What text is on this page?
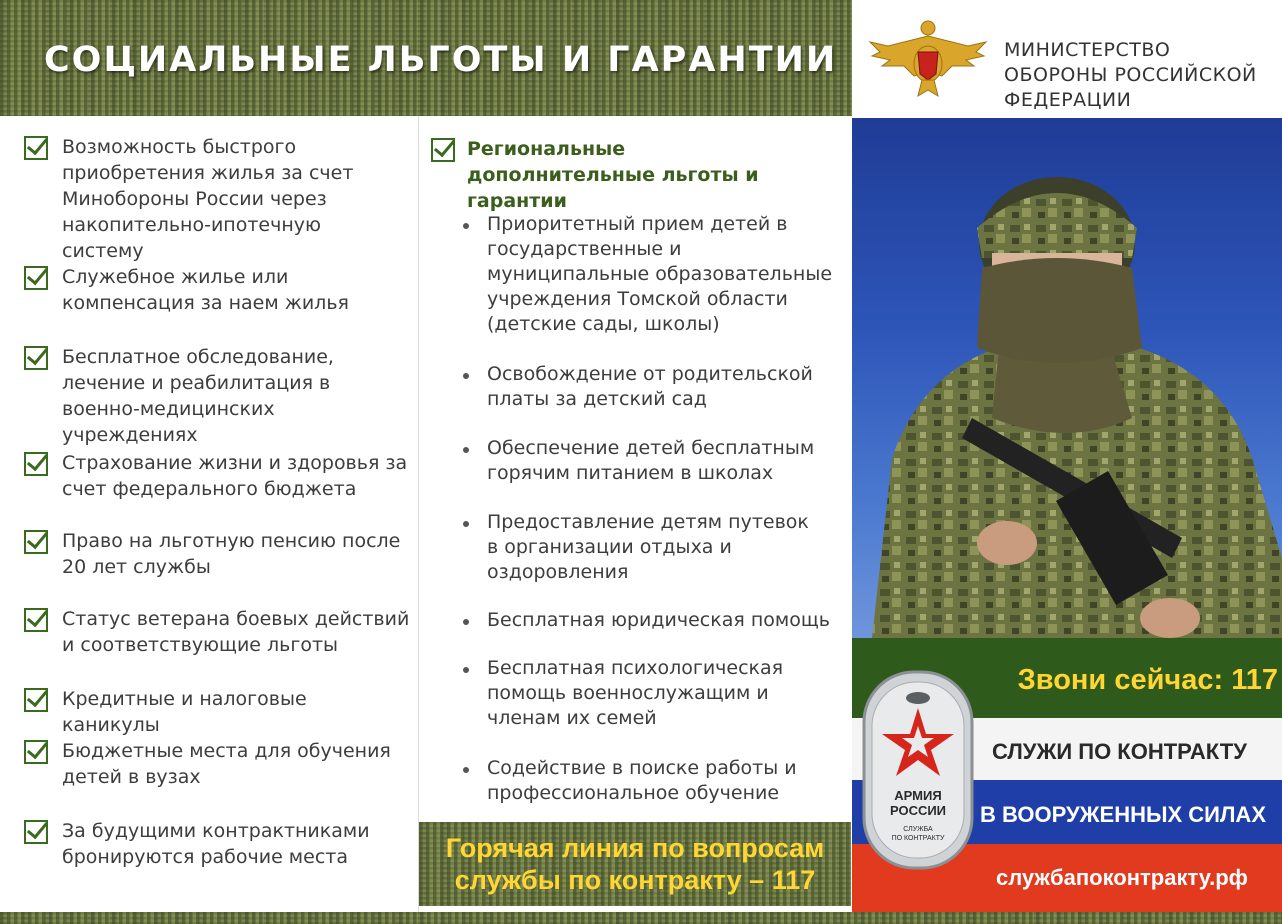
СОЦИАЛЬНЫЕ ЛЬГОТЫ И ГАРАНТИИ
Возможность быстрого приобретения жилья за счет Минобороны России через накопительно-ипотечную систему
Служебное жилье или компенсация за наем жилья
Бесплатное обследование, лечение и реабилитация в военно-медицинских учреждениях
Страхование жизни и здоровья за счет федерального бюджета
Право на льготную пенсию после 20 лет службы
Статус ветерана боевых действий и соответствующие льготы
Кредитные и налоговые каникулы
Бюджетные места для обучения детей в вузах
За будущими контрактниками бронируются рабочие места
Региональные дополнительные льготы и гарантии
Приоритетный прием детей в государственные и муниципальные образовательные учреждения Томской области (детские сады, школы)
Освобождение от родительской платы за детский сад
Обеспечение детей бесплатным горячим питанием в школах
Предоставление детям путевок в организации отдыха и оздоровления
Бесплатная юридическая помощь
Бесплатная психологическая помощь военнослужащим и членам их семей
Содействие в поиске работы и профессиональное обучение
Горячая линия по вопросам службы по контракту – 117
МИНИСТЕРСТВО ОБОРОНЫ РОССИЙСКОЙ ФЕДЕРАЦИИ
Звони сейчас: 117
СЛУЖИ ПО КОНТРАКТУ
В ВООРУЖЕННЫХ СИЛАХ
службапоконтракту.рф
АРМИЯ
РОССИИ
СЛУЖБА
ПО КОНТРАКТУ
